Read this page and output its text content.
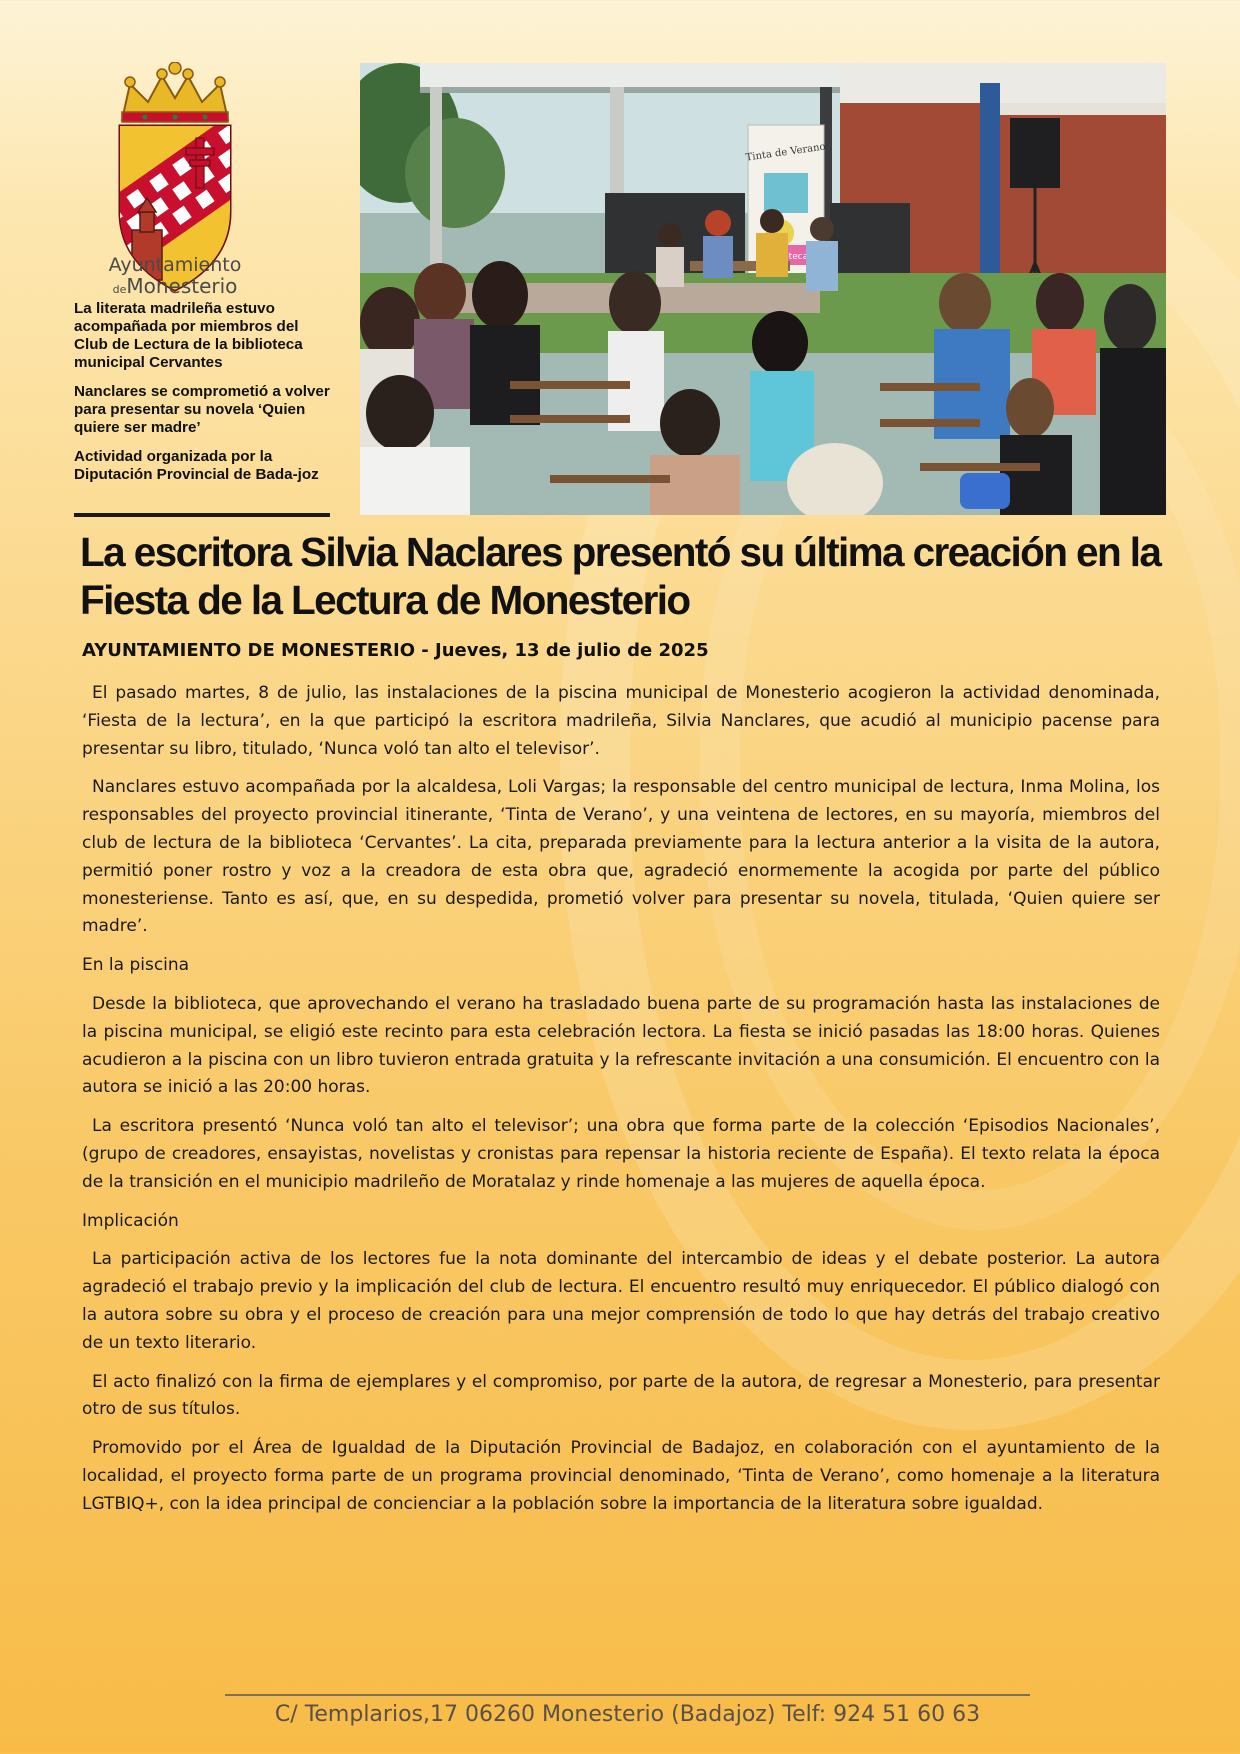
Ayuntamiento
deMonesterio

La literata madrileña estuvo acompañada por miembros del Club de Lectura de la biblioteca municipal Cervantes

Nanclares se comprometió a volver para presentar su novela ‘Quien quiere ser madre’

Actividad organizada por la Diputación Provincial de Bada-joz

Tinta de Verano
La escritora Silvia Naclares presentó su última creación en la Fiesta de la Lectura de Monesterio

AYUNTAMIENTO DE MONESTERIO - Jueves, 13 de julio de 2025

El pasado martes, 8 de julio, las instalaciones de la piscina municipal de Monesterio acogieron la actividad denominada, ‘Fiesta de la lectura’, en la que participó la escritora madrileña, Silvia Nanclares, que acudió al municipio pacense para presentar su libro, titulado, ‘Nunca voló tan alto el televisor’.

Nanclares estuvo acompañada por la alcaldesa, Loli Vargas; la responsable del centro municipal de lectura, Inma Molina, los responsables del proyecto provincial itinerante, ‘Tinta de Verano’, y una veintena de lectores, en su mayoría, miembros del club de lectura de la biblioteca ‘Cervantes’. La cita, preparada previamente para la lectura anterior a la visita de la autora, permitió poner rostro y voz a la creadora de esta obra que, agradeció enormemente la acogida por parte del público monesteriense. Tanto es así, que, en su despedida, prometió volver para presentar su novela, titulada, ‘Quien quiere ser madre’.

En la piscina

Desde la biblioteca, que aprovechando el verano ha trasladado buena parte de su programación hasta las instalaciones de la piscina municipal, se eligió este recinto para esta celebración lectora. La fiesta se inició pasadas las 18:00 horas. Quienes acudieron a la piscina con un libro tuvieron entrada gratuita y la refrescante invitación a una consumición. El encuentro con la autora se inició a las 20:00 horas.

La escritora presentó ‘Nunca voló tan alto el televisor’; una obra que forma parte de la colección ‘Episodios Nacionales’, (grupo de creadores, ensayistas, novelistas y cronistas para repensar la historia reciente de España). El texto relata la época de la transición en el municipio madrileño de Moratalaz y rinde homenaje a las mujeres de aquella época.

Implicación

La participación activa de los lectores fue la nota dominante del intercambio de ideas y el debate posterior. La autora agradeció el trabajo previo y la implicación del club de lectura. El encuentro resultó muy enriquecedor. El público dialogó con la autora sobre su obra y el proceso de creación para una mejor comprensión de todo lo que hay detrás del trabajo creativo de un texto literario.

El acto finalizó con la firma de ejemplares y el compromiso, por parte de la autora, de regresar a Monesterio, para presentar otro de sus títulos.

Promovido por el Área de Igualdad de la Diputación Provincial de Badajoz, en colaboración con el ayuntamiento de la localidad, el proyecto forma parte de un programa provincial denominado, ‘Tinta de Verano’, como homenaje a la literatura LGTBIQ+, con la idea principal de concienciar a la población sobre la importancia de la literatura sobre igualdad.

C/ Templarios,17 06260 Monesterio (Badajoz) Telf: 924 51 60 63
